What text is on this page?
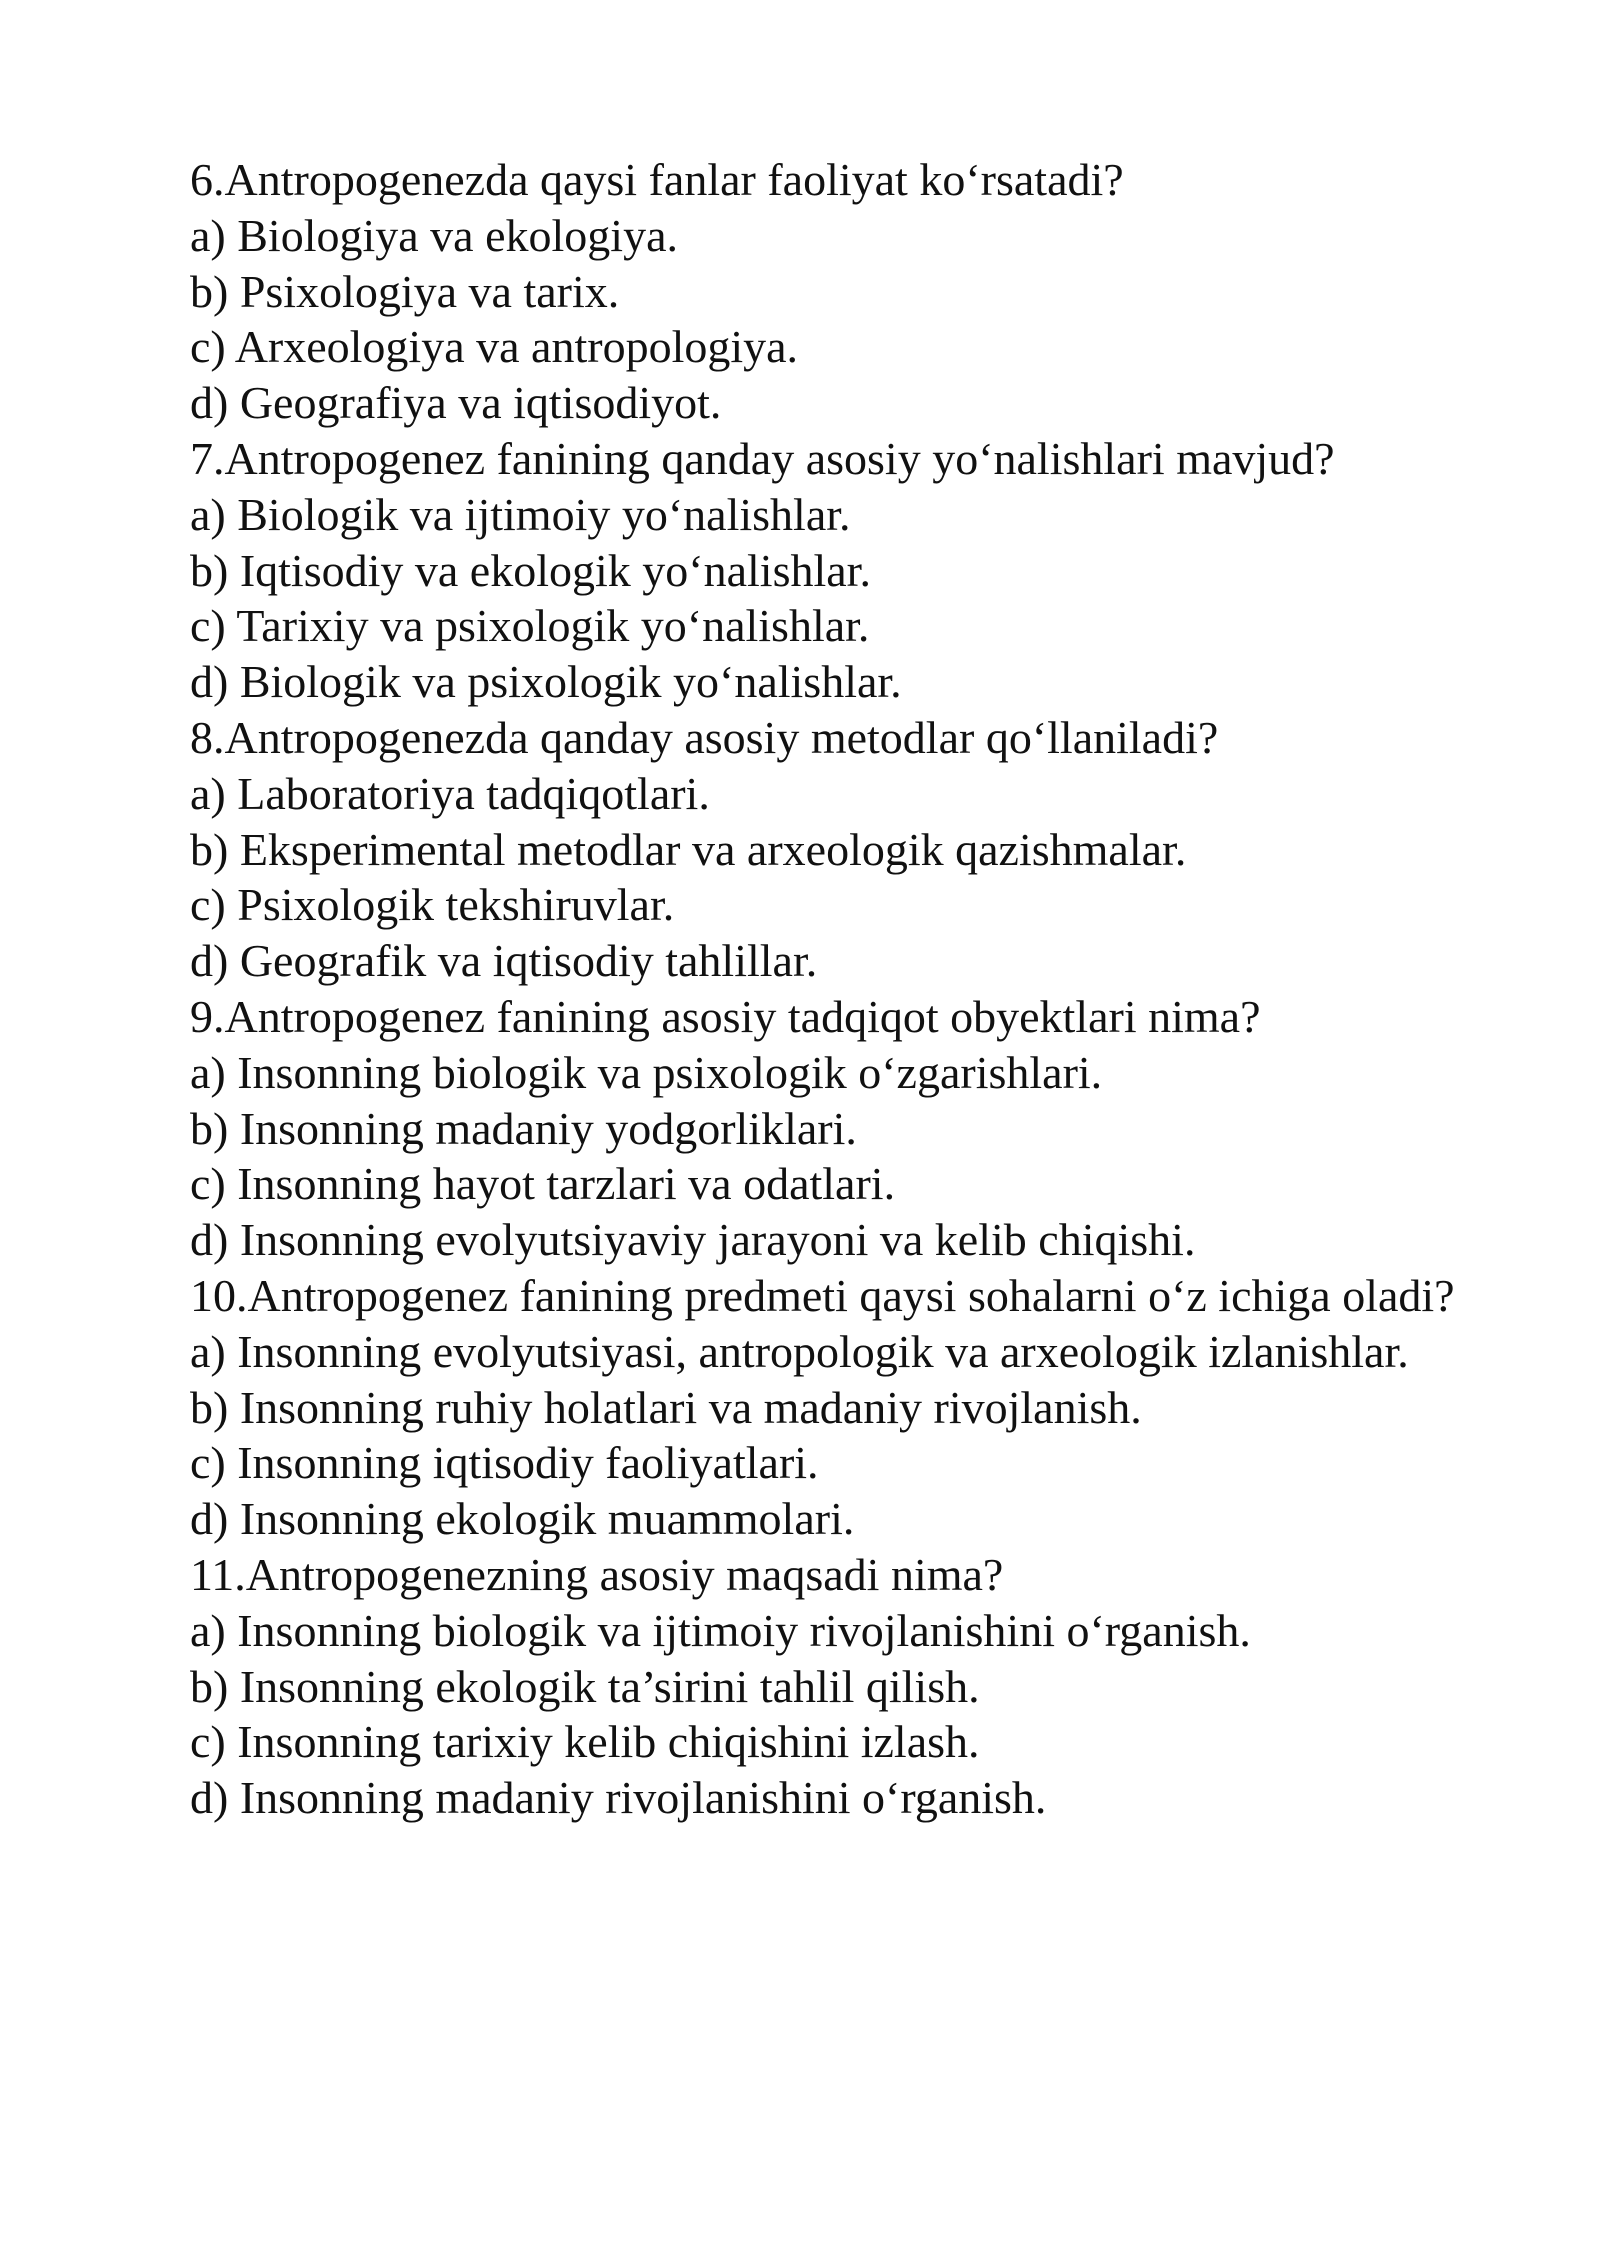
6.Antropogenezda qaysi fanlar faoliyat ko‘rsatadi?

a) Biologiya va ekologiya.

b) Psixologiya va tarix.

c) Arxeologiya va antropologiya.

d) Geografiya va iqtisodiyot.

7.Antropogenez fanining qanday asosiy yo‘nalishlari mavjud?

a) Biologik va ijtimoiy yo‘nalishlar.

b) Iqtisodiy va ekologik yo‘nalishlar.

c) Tarixiy va psixologik yo‘nalishlar.

d) Biologik va psixologik yo‘nalishlar.

8.Antropogenezda qanday asosiy metodlar qo‘llaniladi?

a) Laboratoriya tadqiqotlari.

b) Eksperimental metodlar va arxeologik qazishmalar.

c) Psixologik tekshiruvlar.

d) Geografik va iqtisodiy tahlillar.

9.Antropogenez fanining asosiy tadqiqot obyektlari nima?

a) Insonning biologik va psixologik o‘zgarishlari.

b) Insonning madaniy yodgorliklari.

c) Insonning hayot tarzlari va odatlari.

d) Insonning evolyutsiyaviy jarayoni va kelib chiqishi.

10.Antropogenez fanining predmeti qaysi sohalarni o‘z ichiga oladi?

a) Insonning evolyutsiyasi, antropologik va arxeologik izlanishlar.

b) Insonning ruhiy holatlari va madaniy rivojlanish.

c) Insonning iqtisodiy faoliyatlari.

d) Insonning ekologik muammolari.

11.Antropogenezning asosiy maqsadi nima?

a) Insonning biologik va ijtimoiy rivojlanishini o‘rganish.

b) Insonning ekologik ta’sirini tahlil qilish.

c) Insonning tarixiy kelib chiqishini izlash.

d) Insonning madaniy rivojlanishini o‘rganish.
